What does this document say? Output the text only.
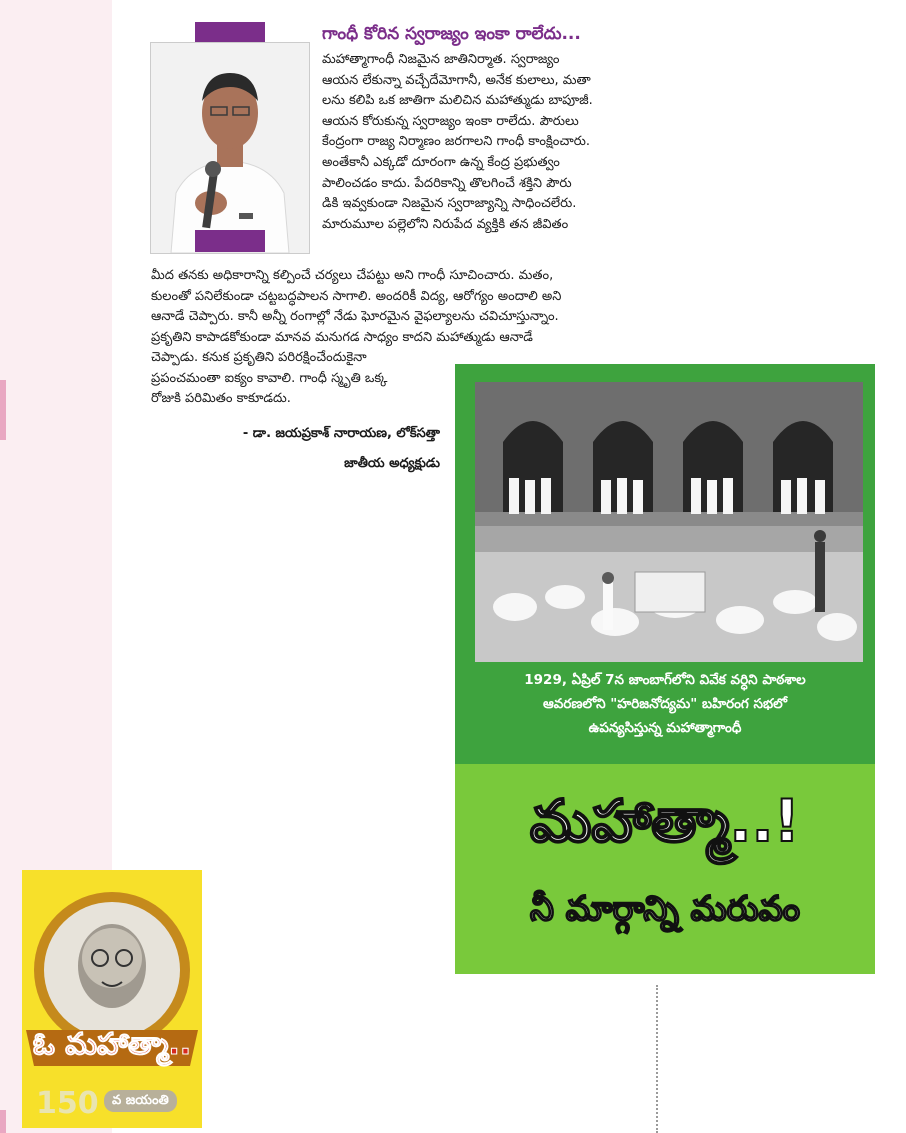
గాంధీ కోరిన స్వరాజ్యం ఇంకా రాలేదు...
మహాత్మాగాంధీ నిజమైన జాతినిర్మాత. స్వరాజ్యం
ఆయన లేకున్నా వచ్చేదేమోగానీ, అనేక కులాలు, మతా
లను కలిపి ఒక జాతిగా మలిచిన మహాత్ముడు బాపూజీ.
ఆయన కోరుకున్న స్వరాజ్యం ఇంకా రాలేదు. పౌరులు
కేంద్రంగా రాజ్య నిర్మాణం జరగాలని గాంధీ కాంక్షించారు.
అంతేకానీ ఎక్కడో దూరంగా ఉన్న కేంద్ర ప్రభుత్వం
పాలించడం కాదు. పేదరికాన్ని తొలగించే శక్తిని పౌరు
డికి ఇవ్వకుండా నిజమైన స్వరాజ్యాన్ని సాధించలేరు.
మారుమూల పల్లెలోని నిరుపేద వ్యక్తికి తన జీవితం
మీద తనకు అధికారాన్ని కల్పించే చర్యలు చేపట్టు అని గాంధీ సూచించారు. మతం,
కులంతో పనిలేకుండా చట్టబద్ధపాలన సాగాలి. అందరికీ విద్య, ఆరోగ్యం అందాలి అని
ఆనాడే చెప్పారు. కానీ అన్నీ రంగాల్లో నేడు ఘోరమైన వైఫల్యాలను చవిచూస్తున్నాం.
ప్రకృతిని కాపాడకోకుండా మానవ మనుగడ సాధ్యం కాదని మహాత్ముడు ఆనాడే
చెప్పాడు. కనుక ప్రకృతిని పరిరక్షించేందుకైనా
ప్రపంచమంతా ఐక్యం కావాలి. గాంధీ స్మృతి ఒక్క
రోజుకి పరిమితం కాకూడదు.
- డా. జయప్రకాశ్ నారాయణ, లోక్‌సత్తా
జాతీయ అధ్యక్షుడు
1929, ఏప్రిల్ 7న జాంబాగ్‌లోని వివేక వర్ధిని పాఠశాల
ఆవరణలోని "హరిజనోద్యమ" బహిరంగ సభలో
ఉపన్యసిస్తున్న మహాత్మాగాంధీ
మహాత్మా..!
నీ మార్గాన్ని మరువం
ఓ మహాత్మా..
150	వ జయంతి
